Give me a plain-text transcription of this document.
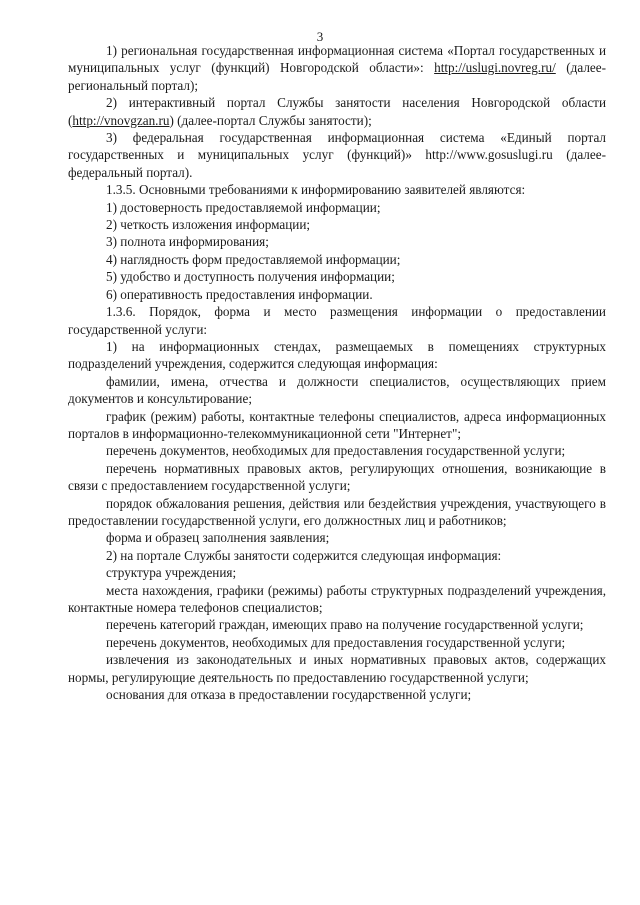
3

1) региональная государственная информационная система «Портал государственных и муниципальных услуг (функций) Новгородской области»: http://uslugi.novreg.ru/ (далее-региональный портал);

2) интерактивный портал Службы занятости населения Новгородской области (http://vnovgzan.ru) (далее-портал Службы занятости);

3) федеральная государственная информационная система «Единый портал государственных и муниципальных услуг (функций)» http://www.gosuslugi.ru (далее-федеральный портал).

1.3.5. Основными требованиями к информированию заявителей являются:

1) достоверность предоставляемой информации;

2) четкость изложения информации;

3) полнота информирования;

4) наглядность форм предоставляемой информации;

5) удобство и доступность получения информации;

6) оперативность предоставления информации.

1.3.6. Порядок, форма и место размещения информации о предоставлении государственной услуги:

1) на информационных стендах, размещаемых в помещениях структурных подразделений учреждения, содержится следующая информация:

фамилии, имена, отчества и должности специалистов, осуществляющих прием документов и консультирование;

график (режим) работы, контактные телефоны специалистов, адреса информационных порталов в информационно-телекоммуникационной сети "Интернет";

перечень документов, необходимых для предоставления государственной услуги;

перечень нормативных правовых актов, регулирующих отношения, возникающие в связи с предоставлением государственной услуги;

порядок обжалования решения, действия или бездействия учреждения, участвующего в предоставлении государственной услуги, его должностных лиц и работников;

форма и образец заполнения заявления;

2) на портале Службы занятости содержится следующая информация:

структура учреждения;

места нахождения, графики (режимы) работы структурных подразделений учреждения, контактные номера телефонов специалистов;

перечень категорий граждан, имеющих право на получение государственной услуги;

перечень документов, необходимых для предоставления государственной услуги;

извлечения из законодательных и иных нормативных правовых актов, содержащих нормы, регулирующие деятельность по предоставлению государственной услуги;

основания для отказа в предоставлении государственной услуги;
